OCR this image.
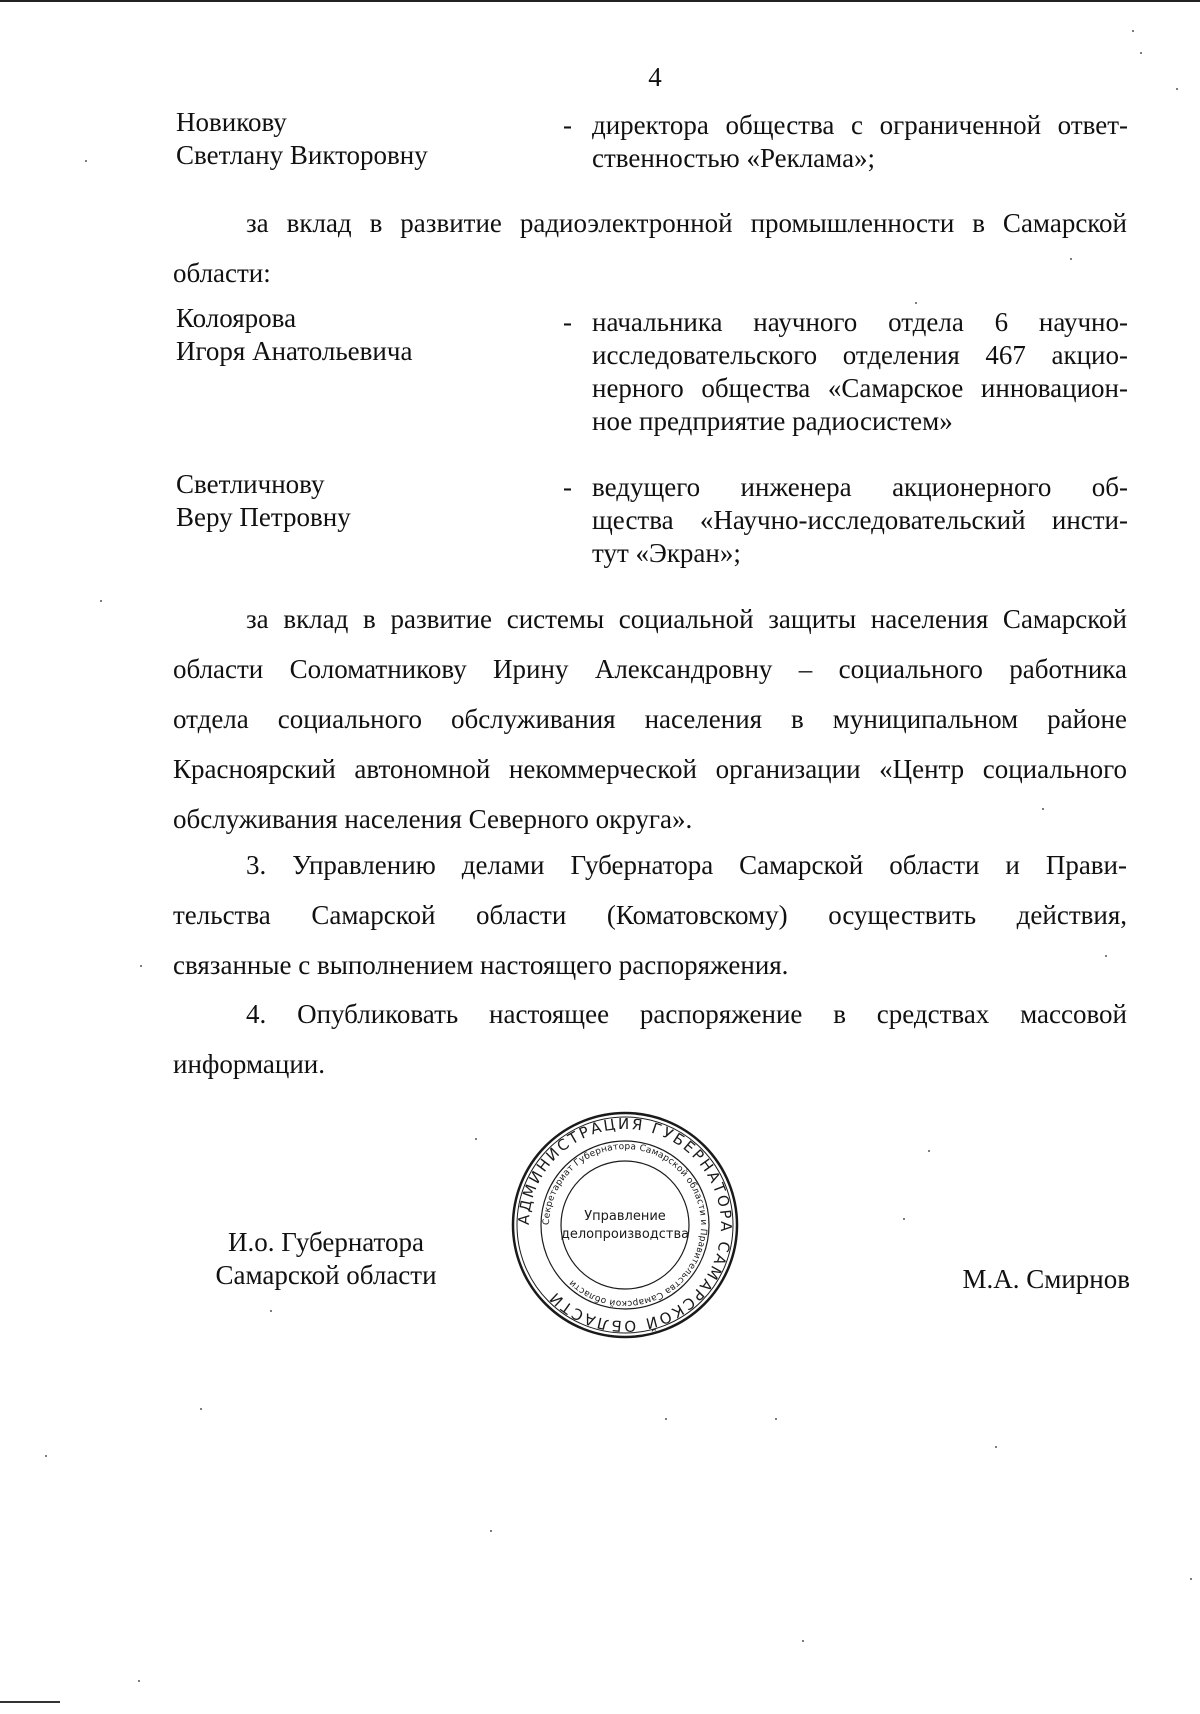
4
Новикову
Светлану Викторовну
- директора общества с ограниченной ответ-
ственностью «Реклама»;
за вклад в развитие радиоэлектронной промышленности в Самарской
области:
Колоярова
Игоря Анатольевича
- начальника научного отдела 6 научно-
исследовательского отделения 467 акцио-
нерного общества «Самарское инновацион-
ное предприятие радиосистем»
Светличнову
Веру Петровну
- ведущего инженера акционерного об-
щества «Научно-исследовательский инсти-
тут «Экран»;
за вклад в развитие системы социальной защиты населения Самарской
области Соломатникову Ирину Александровну – социального работника
отдела социального обслуживания населения в муниципальном районе
Красноярский автономной некоммерческой организации «Центр социального
обслуживания населения Северного округа».
3. Управлению делами Губернатора Самарской области и Прави-
тельства Самарской области (Коматовскому) осуществить действия,
связанные с выполнением настоящего распоряжения.
4. Опубликовать настоящее распоряжение в средствах массовой
информации.
И.о. Губернатора
Самарской области
АДМИНИСТРАЦИЯ ГУБЕРНАТОРА САМАРСКОЙ ОБЛАСТИ
Секретариат Губернатора Самарской области и Правительства Самарской области
Управление
делопроизводства
М.А. Смирнов
